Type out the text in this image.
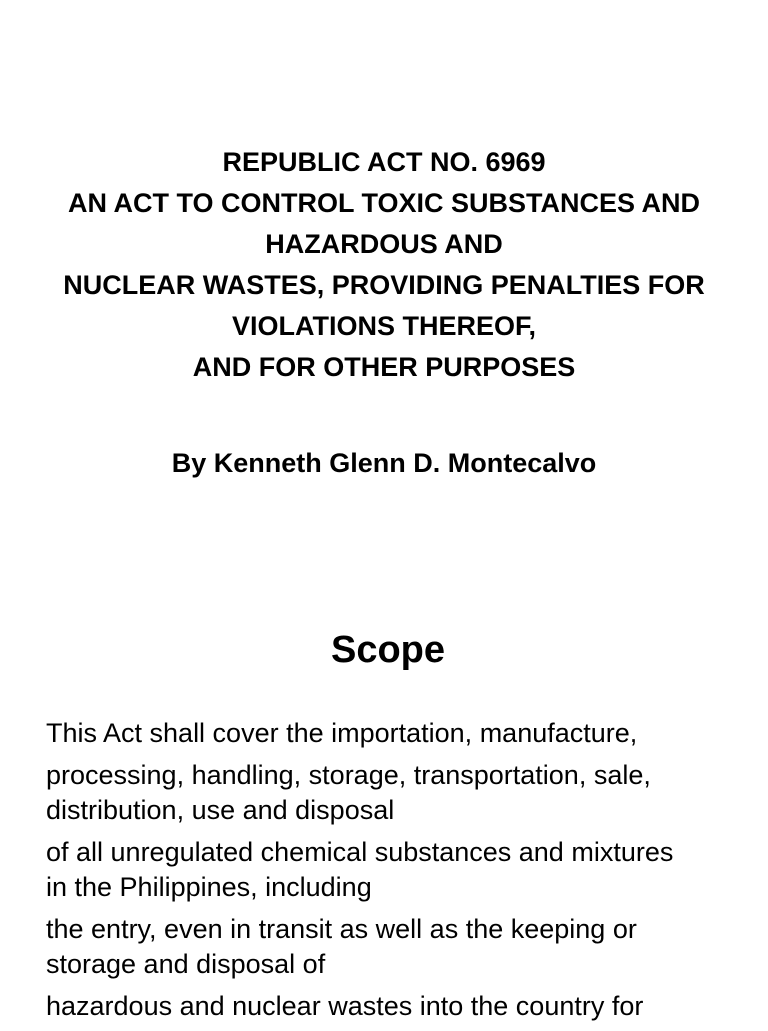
REPUBLIC ACT NO. 6969
AN ACT TO CONTROL TOXIC SUBSTANCES AND
HAZARDOUS AND
NUCLEAR WASTES, PROVIDING PENALTIES FOR
VIOLATIONS THEREOF,
AND FOR OTHER PURPOSES
By Kenneth Glenn D. Montecalvo
Scope
This Act shall cover the importation, manufacture,
processing, handling, storage, transportation, sale,
distribution, use and disposal
of all unregulated chemical substances and mixtures
in the Philippines, including
the entry, even in transit as well as the keeping or
storage and disposal of
hazardous and nuclear wastes into the country for
